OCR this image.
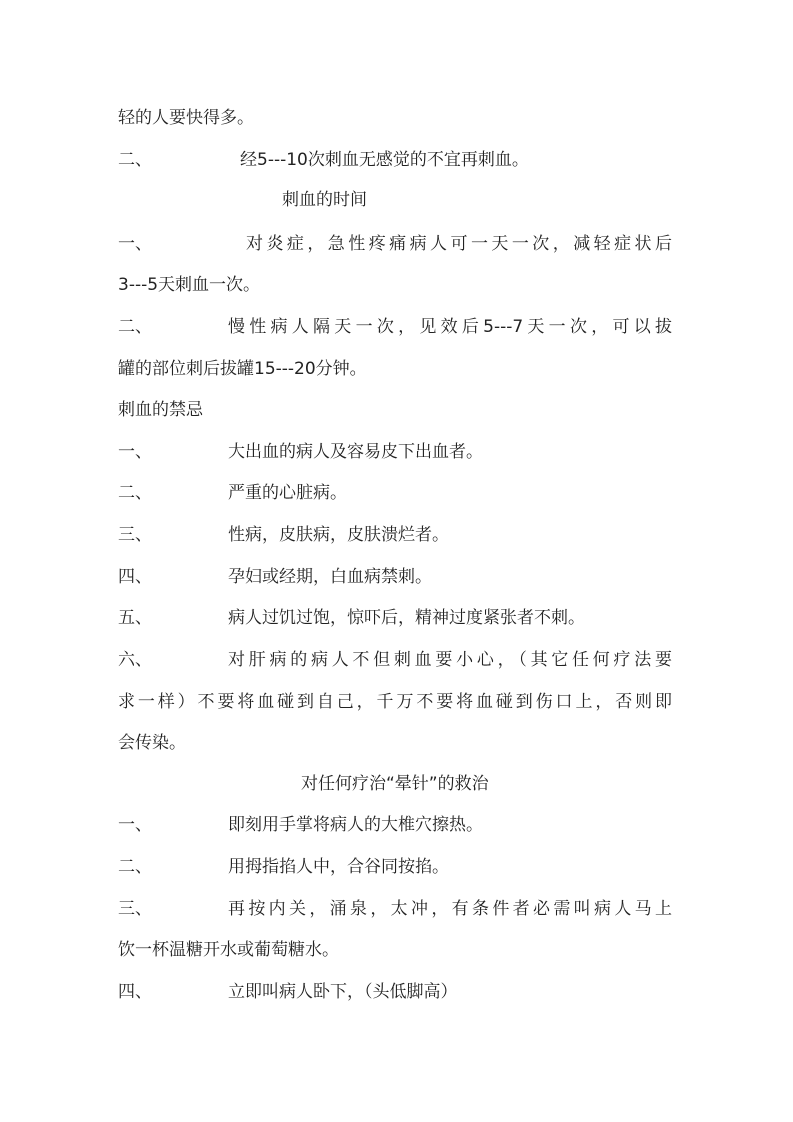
轻的人要快得多。
二、	经5---10次刺血无感觉的不宜再刺血。
刺血的时间
一、	对炎症，急性疼痛病人可一天一次，减轻症状后
3---5天刺血一次。
二、	慢性病人隔天一次，见效后5---7天一次，可以拔
罐的部位刺后拔罐15---20分钟。
刺血的禁忌
一、	大出血的病人及容易皮下出血者。
二、	严重的心脏病。
三、	性病，皮肤病，皮肤溃烂者。
四、	孕妇或经期，白血病禁刺。
五、	病人过饥过饱，惊吓后，精神过度紧张者不刺。
六、	对肝病的病人不但刺血要小心，（其它任何疗法要
求一样）不要将血碰到自己，千万不要将血碰到伤口上，否则即
会传染。
对任何疗治“晕针”的救治
一、	即刻用手掌将病人的大椎穴擦热。
二、	用拇指掐人中，合谷同按掐。
三、	再按内关，涌泉，太冲，有条件者必需叫病人马上
饮一杯温糖开水或葡萄糖水。
四、	立即叫病人卧下，（头低脚高）
